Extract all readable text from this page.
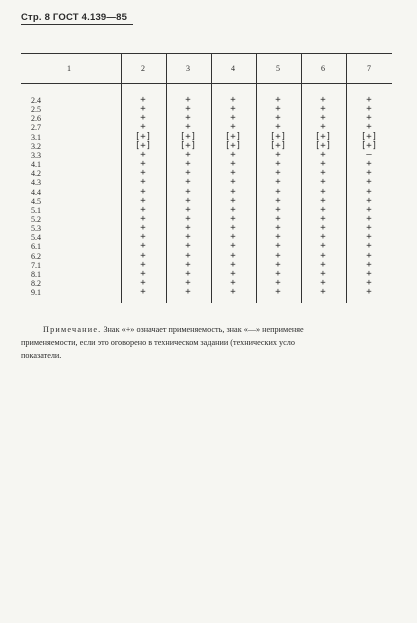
Стр. 8 ГОСТ 4.139—85
1	2	3	4	5	6	7
2.4	+	+	+	+	+	+
2.5	+	+	+	+	+	+
2.6	+	+	+	+	+	+
2.7	+	+	+	+	+	+
3.1	[+]	[+]	[+]	[+]	[+]	[+]
3.2	[+]	[+]	[+]	[+]	[+]	[+]
3.3	+	+	+	+	+	—
4.1	+	+	+	+	+	+
4.2	+	+	+	+	+	+
4.3	+	+	+	+	+	+
4.4	+	+	+	+	+	+
4.5	+	+	+	+	+	+
5.1	+	+	+	+	+	+
5.2	+	+	+	+	+	+
5.3	+	+	+	+	+	+
5.4	+	+	+	+	+	+
6.1	+	+	+	+	+	+
6.2	+	+	+	+	+	+
7.1	+	+	+	+	+	+
8.1	+	+	+	+	+	+
8.2	+	+	+	+	+	+
9.1	+	+	+	+	+	+

Примечание. Знак «+» означает применяемость, знак «—» неприменяе

применяемости, если это оговорено в техническом задании (технических усло

показатели.
